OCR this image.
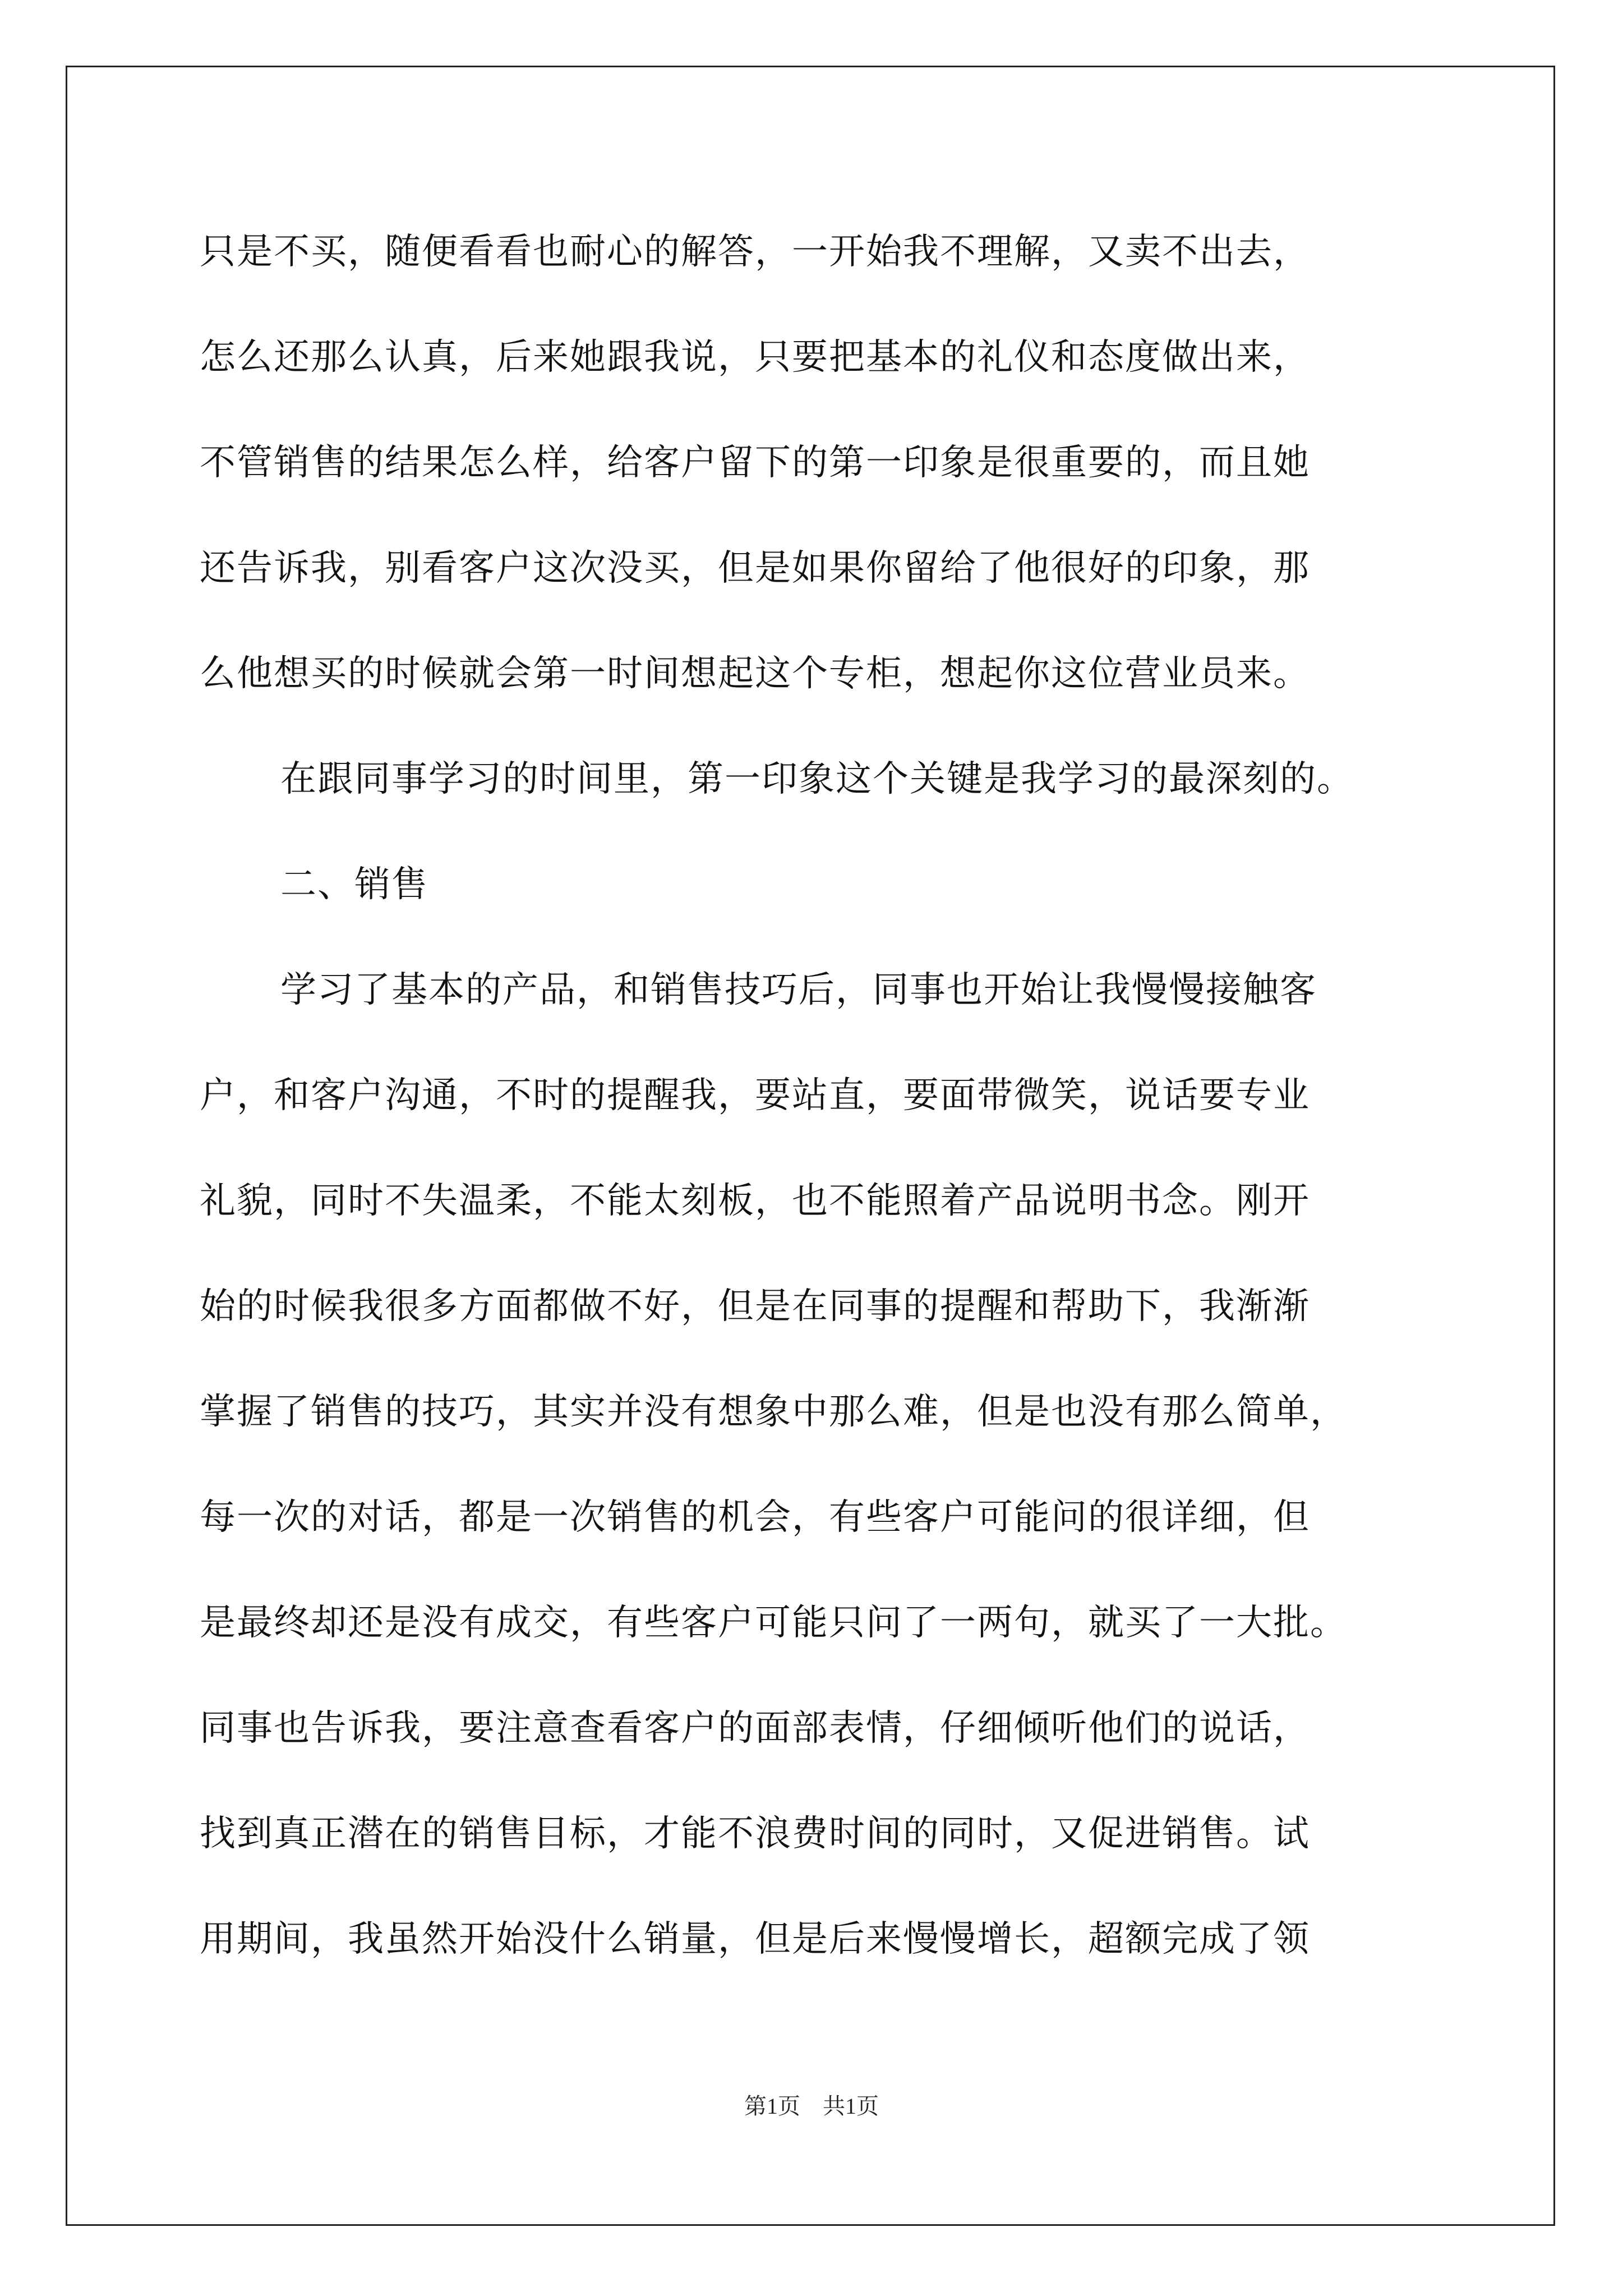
只是不买，随便看看也耐心的解答，一开始我不理解，又卖不出去，
怎么还那么认真，后来她跟我说，只要把基本的礼仪和态度做出来，
不管销售的结果怎么样，给客户留下的第一印象是很重要的，而且她
还告诉我，别看客户这次没买，但是如果你留给了他很好的印象，那
么他想买的时候就会第一时间想起这个专柜，想起你这位营业员来。
在跟同事学习的时间里，第一印象这个关键是我学习的最深刻的。
二、销售
学习了基本的产品，和销售技巧后，同事也开始让我慢慢接触客
户，和客户沟通，不时的提醒我，要站直，要面带微笑，说话要专业
礼貌，同时不失温柔，不能太刻板，也不能照着产品说明书念。刚开
始的时候我很多方面都做不好，但是在同事的提醒和帮助下，我渐渐
掌握了销售的技巧，其实并没有想象中那么难，但是也没有那么简单，
每一次的对话，都是一次销售的机会，有些客户可能问的很详细，但
是最终却还是没有成交，有些客户可能只问了一两句，就买了一大批。
同事也告诉我，要注意查看客户的面部表情，仔细倾听他们的说话，
找到真正潜在的销售目标，才能不浪费时间的同时，又促进销售。试
用期间，我虽然开始没什么销量，但是后来慢慢增长，超额完成了领
第1页　共1页
